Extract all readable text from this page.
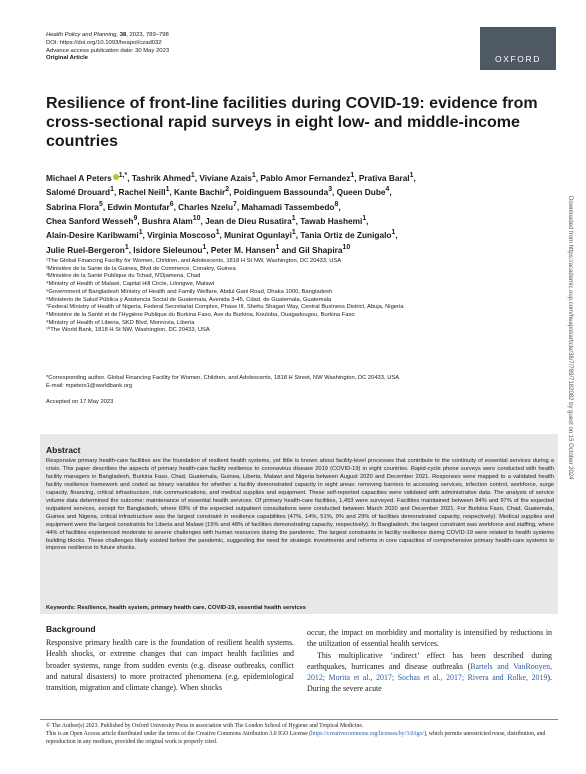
Health Policy and Planning, 38, 2023, 789–798
DOI: https://doi.org/10.1093/heapol/czad032
Advance access publication date: 30 May 2023
Original Article	OXFORD
Resilience of front-line facilities during COVID-19: evidence from cross-sectional rapid surveys in eight low- and middle-income countries
Michael A Peters $^{1,*}$, Tashrik Ahmed$^1$, Viviane Azais$^1$, Pablo Amor Fernandez$^1$, Prativa Baral$^1$,
Salomé Drouard$^1$, Rachel Neill$^1$, Kante Bachir$^2$, Poidinguem Bassounda$^3$, Queen Dube$^4$,
Sabrina Flora$^5$, Edwin Montufar$^6$, Charles Nzelu$^7$, Mahamadi Tassembedo$^8$,
Chea Sanford Wesseh$^9$, Bushra Alam$^{10}$, Jean de Dieu Rusatira$^1$, Tawab Hashemi$^1$,
Alain-Desire Karibwami$^1$, Virginia Moscoso$^1$, Munirat Ogunlayi$^1$, Tania Ortiz de Zunigalo$^1$,
Julie Ruel-Bergeron$^1$, Isidore Sieleunou$^1$, Peter M. Hansen$^1$ and Gil Shapira$^{10}$
¹The Global Financing Facility for Women, Children, and Adolescents, 1818 H St NW, Washington, DC 20433, USA
²Ministère de la Sante de la Guinea, Blvd de Commerce, Conakry, Guinea
³Ministère de la Santé Publique du Tchad, N'Djamena, Chad
⁴Ministry of Health of Malawi, Capital Hill Circle, Lilongwe, Malawi
⁵Government of Bangladesh Ministry of Health and Family Welfare, Abdul Gani Road, Dhaka 1000, Bangladesh
⁶Ministerio de Salud Pública y Asistencia Social de Guatemala, Avenida 3-45, Cdad. de Guatemala, Guatemala
⁷Federal Ministry of Health of Nigeria, Federal Secretariat Complex, Phase III, Shehu Shagari Way, Central Business District, Abuja, Nigeria
⁸Ministère de la Santé et de l'Hygiène Publique du Burkina Faso, Ave du Burkina, Kouloba, Ouagadougou, Burkina Faso
⁹Ministry of Health of Liberia, SKD Blvd, Monrovia, Liberia
¹⁰The World Bank, 1818 H St NW, Washington, DC 20433, USA
*Corresponding author. Global Financing Facility for Women, Children, and Adolescents, 1818 H Street, NW Washington, DC 20433, USA.
E-mail: mpeters1@worldbank.org
Accepted on 17 May 2023
Abstract
Responsive primary health-care facilities are the foundation of resilient health systems, yet little is known about facility-level processes that contribute to the continuity of essential services during a crisis. This paper describes the aspects of primary health-care facility resilience to coronavirus disease 2019 (COVID-19) in eight countries. Rapid-cycle phone surveys were conducted with health facility managers in Bangladesh, Burkina Faso, Chad, Guatemala, Guinea, Liberia, Malawi and Nigeria between August 2020 and December 2021. Responses were mapped to a validated health facility resilience framework and coded as binary variables for whether a facility demonstrated capacity in eight areas: removing barriers to accessing services, infection control, workforce, surge capacity, financing, critical infrastructure, risk communications, and medical supplies and equipment. These self-reported capacities were validated with administrative data. The analysis of service volume data determined the outcome: maintenance of essential health services. Of primary health-care facilities, 1,453 were surveyed. Facilities maintained between 84% and 97% of the expected outpatient services, except for Bangladesh, where 69% of the expected outpatient consultations were conducted between March 2020 and December 2021. For Burkina Faso, Chad, Guatemala, Guinea and Nigeria, critical infrastructure was the largest constraint in resilience capabilities (47%, 14%, 51%, 9% and 29% of facilities demonstrated capacity, respectively). Medical supplies and equipment were the largest constraints for Liberia and Malawi (15% and 48% of facilities demonstrating capacity, respectively). In Bangladesh, the largest constraint was workforce and staffing, where 44% of facilities experienced moderate to severe challenges with human resources during the pandemic. The largest constraints in facility resilience during COVID-19 were related to health systems building blocks. These challenges likely existed before the pandemic, suggesting the need for strategic investments and reforms in core capacities of comprehensive primary health-care systems to improve resilience to future shocks.
Keywords: Resilience, health system, primary health care, COVID-19, essential health services
Background
Responsive primary health care is the foundation of resilient health systems. Health shocks, or extreme changes that can impact health facilities and broader systems, range from sudden events (e.g. disease outbreaks, conflict and natural disasters) to more protracted phenomena (e.g. epidemiological transition, migration and climate change). When shocks

occur, the impact on morbidity and mortality is intensified by reductions in the utilization of essential health services.

This multiplicative ‘indirect’ effect has been described during earthquakes, hurricanes and disease outbreaks (Bartels and VanRooyen, 2012; Morita et al., 2017; Sochas et al., 2017; Rivera and Rolke, 2019). During the severe acute

© The Author(s) 2023. Published by Oxford University Press in association with The London School of Hygiene and Tropical Medicine.
This is an Open Access article distributed under the terms of the Creative Commons Attribution 3.0 IGO License (https://creativecommons.org/licenses/by/3.0/igo/), which permits unrestricted reuse, distribution, and reproduction in any medium, provided the original work is properly cited.
Downloaded from https://academic.oup.com/heapol/article/38/7/789/7182082 by guest on 15 October 2024
